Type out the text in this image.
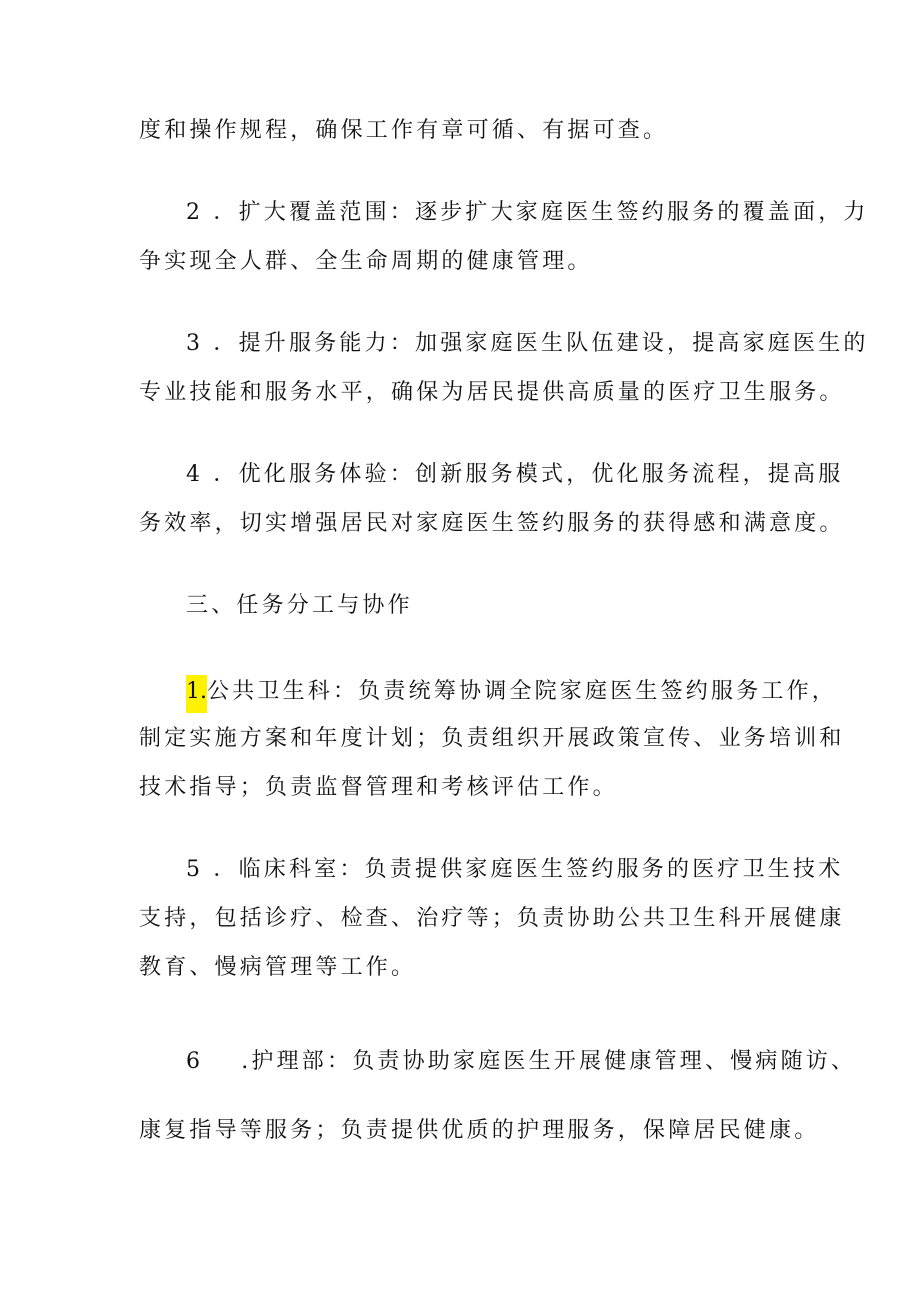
度和操作规程，确保工作有章可循、有据可查。
2 ．扩大覆盖范围：逐步扩大家庭医生签约服务的覆盖面，力
争实现全人群、全生命周期的健康管理。
3 ．提升服务能力：加强家庭医生队伍建设，提高家庭医生的
专业技能和服务水平，确保为居民提供高质量的医疗卫生服务。
4 ．优化服务体验：创新服务模式，优化服务流程，提高服
务效率，切实增强居民对家庭医生签约服务的获得感和满意度。
三、任务分工与协作
1.公共卫生科：负责统筹协调全院家庭医生签约服务工作，
制定实施方案和年度计划；负责组织开展政策宣传、业务培训和
技术指导；负责监督管理和考核评估工作。
5 ．临床科室：负责提供家庭医生签约服务的医疗卫生技术
支持，包括诊疗、检查、治疗等；负责协助公共卫生科开展健康
教育、慢病管理等工作。
6 .护理部：负责协助家庭医生开展健康管理、慢病随访、
康复指导等服务；负责提供优质的护理服务，保障居民健康。
